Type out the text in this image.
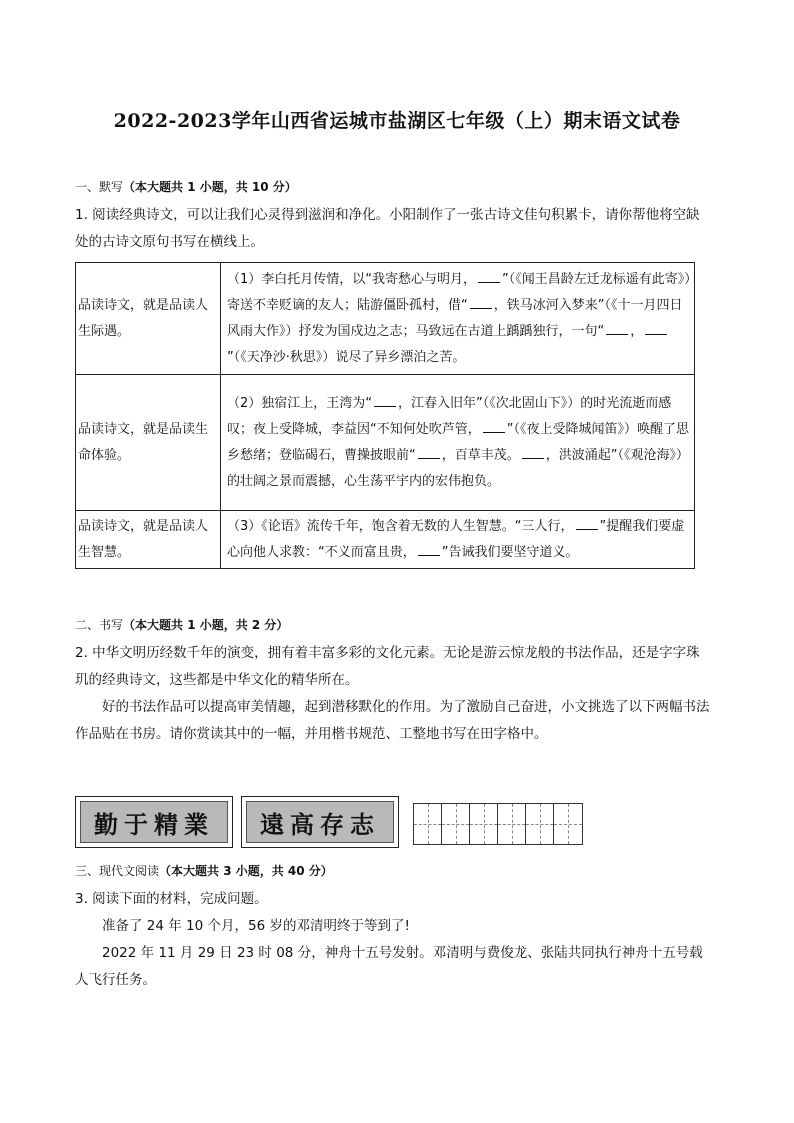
2022-2023学年山西省运城市盐湖区七年级（上）期末语文试卷
一、默写（本大题共 1 小题，共 10 分）
1. 阅读经典诗文，可以让我们心灵得到滋润和净化。小阳制作了一张古诗文佳句积累卡，请你帮他将空缺
处的古诗文原句书写在横线上。
品读诗文，就是品读人生际遇。	（1）李白托月传情，以“我寄愁心与明月， ”（《闻王昌龄左迁龙标遥有此寄》）寄送不幸贬谪的友人；陆游僵卧孤村，借“ ，铁马冰河入梦来”（《十一月四日风雨大作》）抒发为国戍边之志；马致远在古道上踽踽独行，一句“ ，”（《天净沙·秋思》）说尽了异乡漂泊之苦。
品读诗文，就是品读生命体验。	（2）独宿江上，王湾为“ ，江春入旧年”（《次北固山下》）的时光流逝而感叹；夜上受降城，李益因“不知何处吹芦管， ”（《夜上受降城闻笛》）唤醒了思乡愁绪；登临碣石，曹操披眼前“ ，百草丰茂。 ，洪波涌起”（《观沧海》）的壮阔之景而震撼，心生荡平宇内的宏伟抱负。
品读诗文，就是品读人生智慧。	（3）《论语》流传千年，饱含着无数的人生智慧。“三人行， ”提醒我们要虚心向他人求教：“不义而富且贵， ”告诫我们要坚守道义。
二、书写（本大题共 1 小题，共 2 分）
2. 中华文明历经数千年的演变，拥有着丰富多彩的文化元素。无论是游云惊龙般的书法作品，还是字字珠
玑的经典诗文，这些都是中华文化的精华所在。
好的书法作品可以提高审美情趣，起到潜移默化的作用。为了激励自己奋进，小文挑选了以下两幅书法作品贴在书房。请你赏读其中的一幅，并用楷书规范、工整地书写在田字格中。
勤于精業	遠高存志
三、现代文阅读（本大题共 3 小题，共 40 分）
3. 阅读下面的材料，完成问题。
准备了 24 年 10 个月，56 岁的邓清明终于等到了!
2022 年 11 月 29 日 23 时 08 分，神舟十五号发射。邓清明与费俊龙、张陆共同执行神舟十五号载人飞行任务。
